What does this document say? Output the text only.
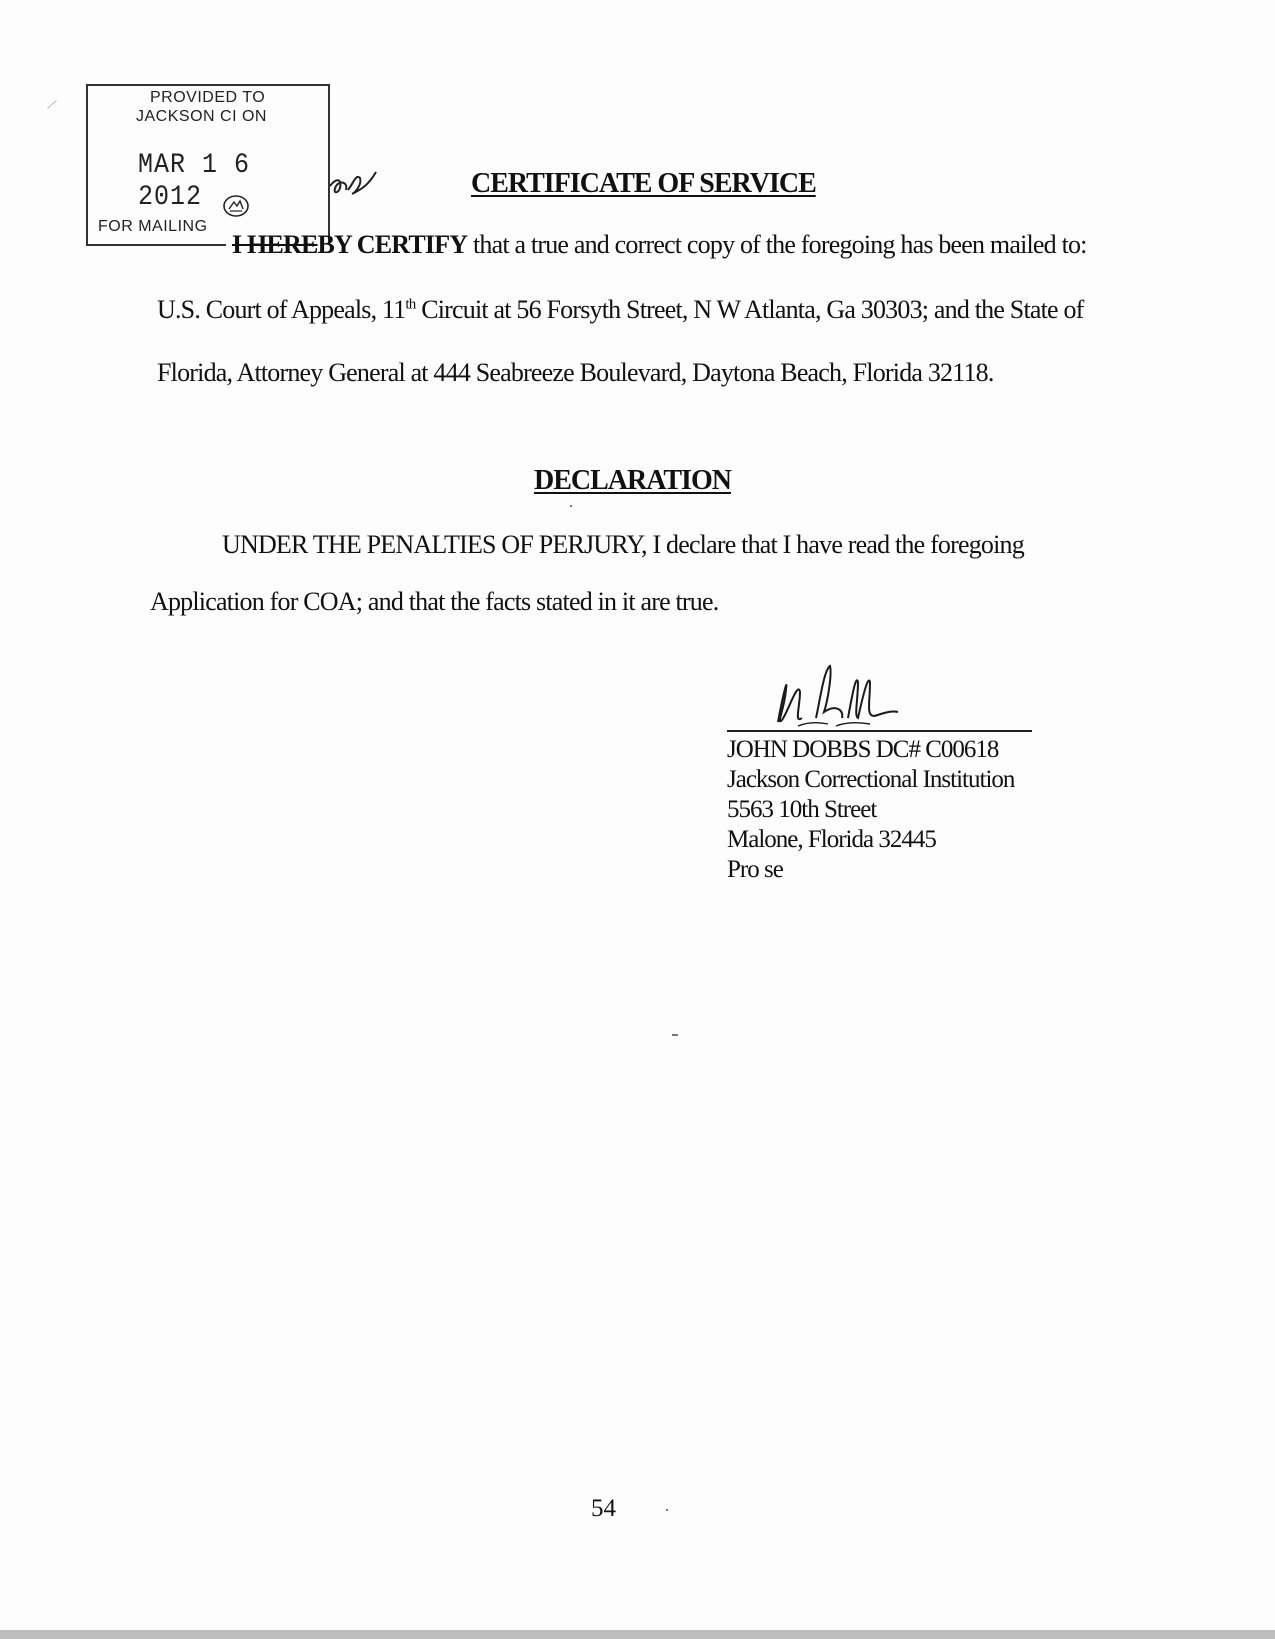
PROVIDED TO
JACKSON CI ON
MAR 1 6 2012
FOR MAILING
CERTIFICATE OF SERVICE
I HEREBY CERTIFY that a true and correct copy of the foregoing has been mailed to:
U.S. Court of Appeals, 11th Circuit at 56 Forsyth Street, N W Atlanta, Ga 30303; and the State of
Florida, Attorney General at 444 Seabreeze Boulevard, Daytona Beach, Florida 32118.
DECLARATION
UNDER THE PENALTIES OF PERJURY, I declare that I have read the foregoing
Application for COA; and that the facts stated in it are true.
JOHN DOBBS DC# C00618
Jackson Correctional Institution
5563 10th Street
Malone, Florida 32445
Pro se
54
